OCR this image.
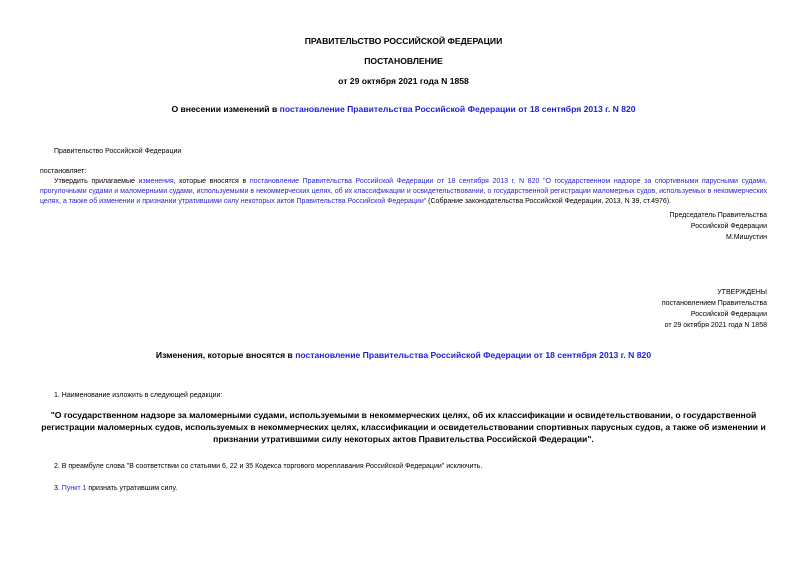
ПРАВИТЕЛЬСТВО РОССИЙСКОЙ ФЕДЕРАЦИИ
ПОСТАНОВЛЕНИЕ
от 29 октября 2021 года N 1858
О внесении изменений в постановление Правительства Российской Федерации от 18 сентября 2013 г. N 820
Правительство Российской Федерации
постановляет:
Утвердить прилагаемые изменения, которые вносятся в постановление Правительства Российской Федерации от 18 сентября 2013 г. N 820 "О государственном надзоре за спортивными парусными судами, прогулочными судами и маломерными судами, используемыми в некоммерческих целях, об их классификации и освидетельствовании, о государственной регистрации маломерных судов, используемых в некоммерческих целях, а также об изменении и признании утратившими силу некоторых актов Правительства Российской Федерации" (Собрание законодательства Российской Федерации, 2013, N 39, ст.4976).
Председатель Правительства
Российской Федерации
М.Мишустин
УТВЕРЖДЕНЫ
постановлением Правительства
Российской Федерации
от 29 октября 2021 года N 1858
Изменения, которые вносятся в постановление Правительства Российской Федерации от 18 сентября 2013 г. N 820
1. Наименование изложить в следующей редакции:
"О государственном надзоре за маломерными судами, используемыми в некоммерческих целях, об их классификации и освидетельствовании, о государственной регистрации маломерных судов, используемых в некоммерческих целях, классификации и освидетельствовании спортивных парусных судов, а также об изменении и признании утратившими силу некоторых актов Правительства Российской Федерации".
2. В преамбуле слова "В соответствии со статьями 6, 22 и 35 Кодекса торгового мореплавания Российской Федерации" исключить.
3. Пункт 1 признать утратившим силу.
